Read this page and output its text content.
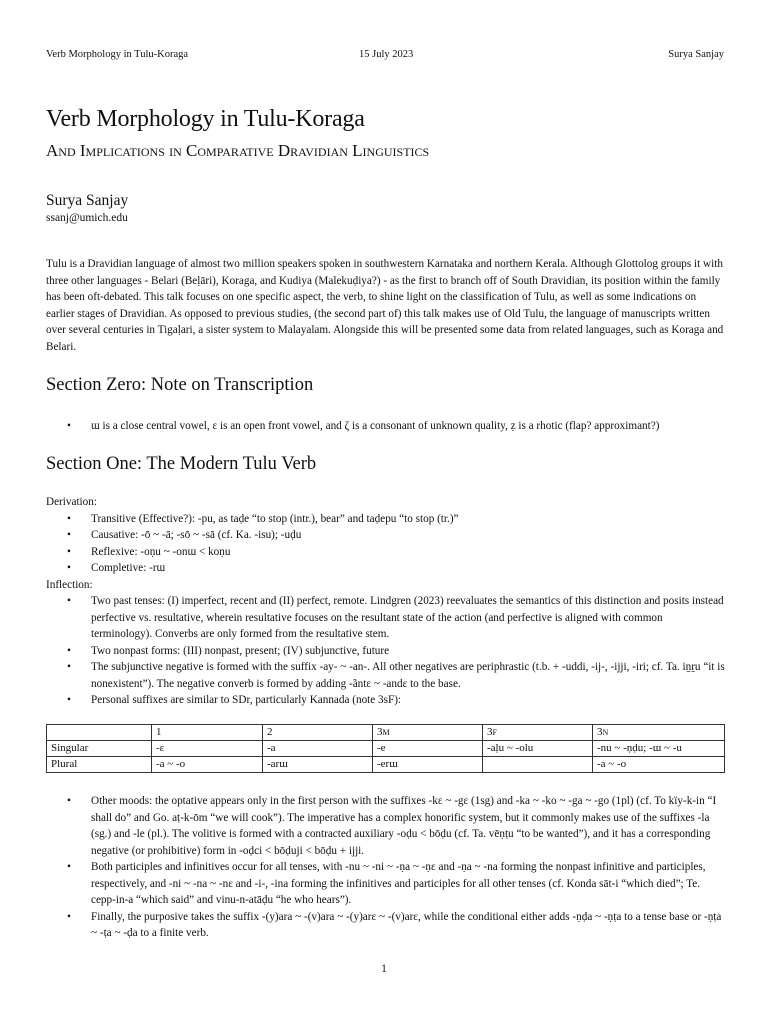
Verb Morphology in Tulu-Koraga	15 July 2023	Surya Sanjay
Verb Morphology in Tulu-Koraga
And Implications in Comparative Dravidian Linguistics
Surya Sanjay
ssanj@umich.edu

Tulu is a Dravidian language of almost two million speakers spoken in southwestern Karnataka and northern Kerala. Although Glottolog groups it with three other languages - Belari (Beḷāri), Koraga, and Kudiya (Malekuḍiya?) - as the first to branch off of South Dravidian, its position within the family has been oft-debated. This talk focuses on one specific aspect, the verb, to shine light on the classification of Tulu, as well as some indications on earlier stages of Dravidian. As opposed to previous studies, (the second part of) this talk makes use of Old Tulu, the language of manuscripts written over several centuries in Tigaḷari, a sister system to Malayalam. Alongside this will be presented some data from related languages, such as Koraga and Belari.

Section Zero: Note on Transcription
• ɯ is a close central vowel, ɛ is an open front vowel, and ζ is a consonant of unknown quality, ẓ is a rhotic (flap? approximant?)
Section One: The Modern Tulu Verb

Derivation:

• Transitive (Effective?): -pu, as taḍe “to stop (intr.), bear” and taḍepu “to stop (tr.)”
• Causative: -ō ~ -ā; -sō ~ -sā (cf. Ka. -isu); -uḍu
• Reflexive: -oṇu ~ -onɯ < koṇu
• Completive: -rɯ

Inflection:

• Two past tenses: (I) imperfect, recent and (II) perfect, remote. Lindgren (2023) reevaluates the semantics of this distinction and posits instead perfective vs. resultative, wherein resultative focuses on the resultant state of the action (and perfective is aligned with common terminology). Converbs are only formed from the resultative stem.
• Two nonpast forms: (III) nonpast, present; (IV) subjunctive, future
• The subjunctive negative is formed with the suffix -ay- ~ -an-. All other negatives are periphrastic (t.b. + -uddi, -ij-, -ijji, -iri; cf. Ta. iṉṟu “it is nonexistent”). The negative converb is formed by adding -ãntɛ ~ -andɛ to the base.
• Personal suffixes are similar to SDr, particularly Kannada (note 3sF):
	1	2	3m	3f	3n
Singular	-ɛ	-a	-e	-aḷu ~ -olu	-nu ~ -ṇḍu; -ɯ ~ -u
Plural	-a ~ -o	-arɯ	-erɯ		-a ~ -o
• Other moods: the optative appears only in the first person with the suffixes -kɛ ~ -gɛ (1sg) and -ka ~ -ko ~ -ga ~ -go (1pl) (cf. To kïy-k-in “I shall do” and Go. aṭ-k-ōm “we will cook”). The imperative has a complex honorific system, but it commonly makes use of the suffixes -la (sg.) and -le (pl.). The volitive is formed with a contracted auxiliary -oḍu < bōḍu (cf. Ta. vēṇṭu “to be wanted”), and it has a corresponding negative (or prohibitive) form in -oḍci < bōḍuji < bōḍu + ijji.
• Both participles and infinitives occur for all tenses, with -nu ~ -ni ~ -ṇa ~ -ṇɛ and -ṇa ~ -na forming the nonpast infinitive and participles, respectively, and -ni ~ -na ~ -nɛ and -i-, -ina forming the infinitives and participles for all other tenses (cf. Konda sāt-i “which died”; Te. cepp-in-a “which said” and vinu-n-atāḍu “he who hears”).
• Finally, the purposive takes the suffix -(y)ara ~ -(v)ara ~ -(y)arɛ ~ -(v)arɛ, while the conditional either adds -ṇḍa ~ -ṇṭa to a tense base or -ṇṭa ~ -ṭa ~ -ḍa to a finite verb.
1
